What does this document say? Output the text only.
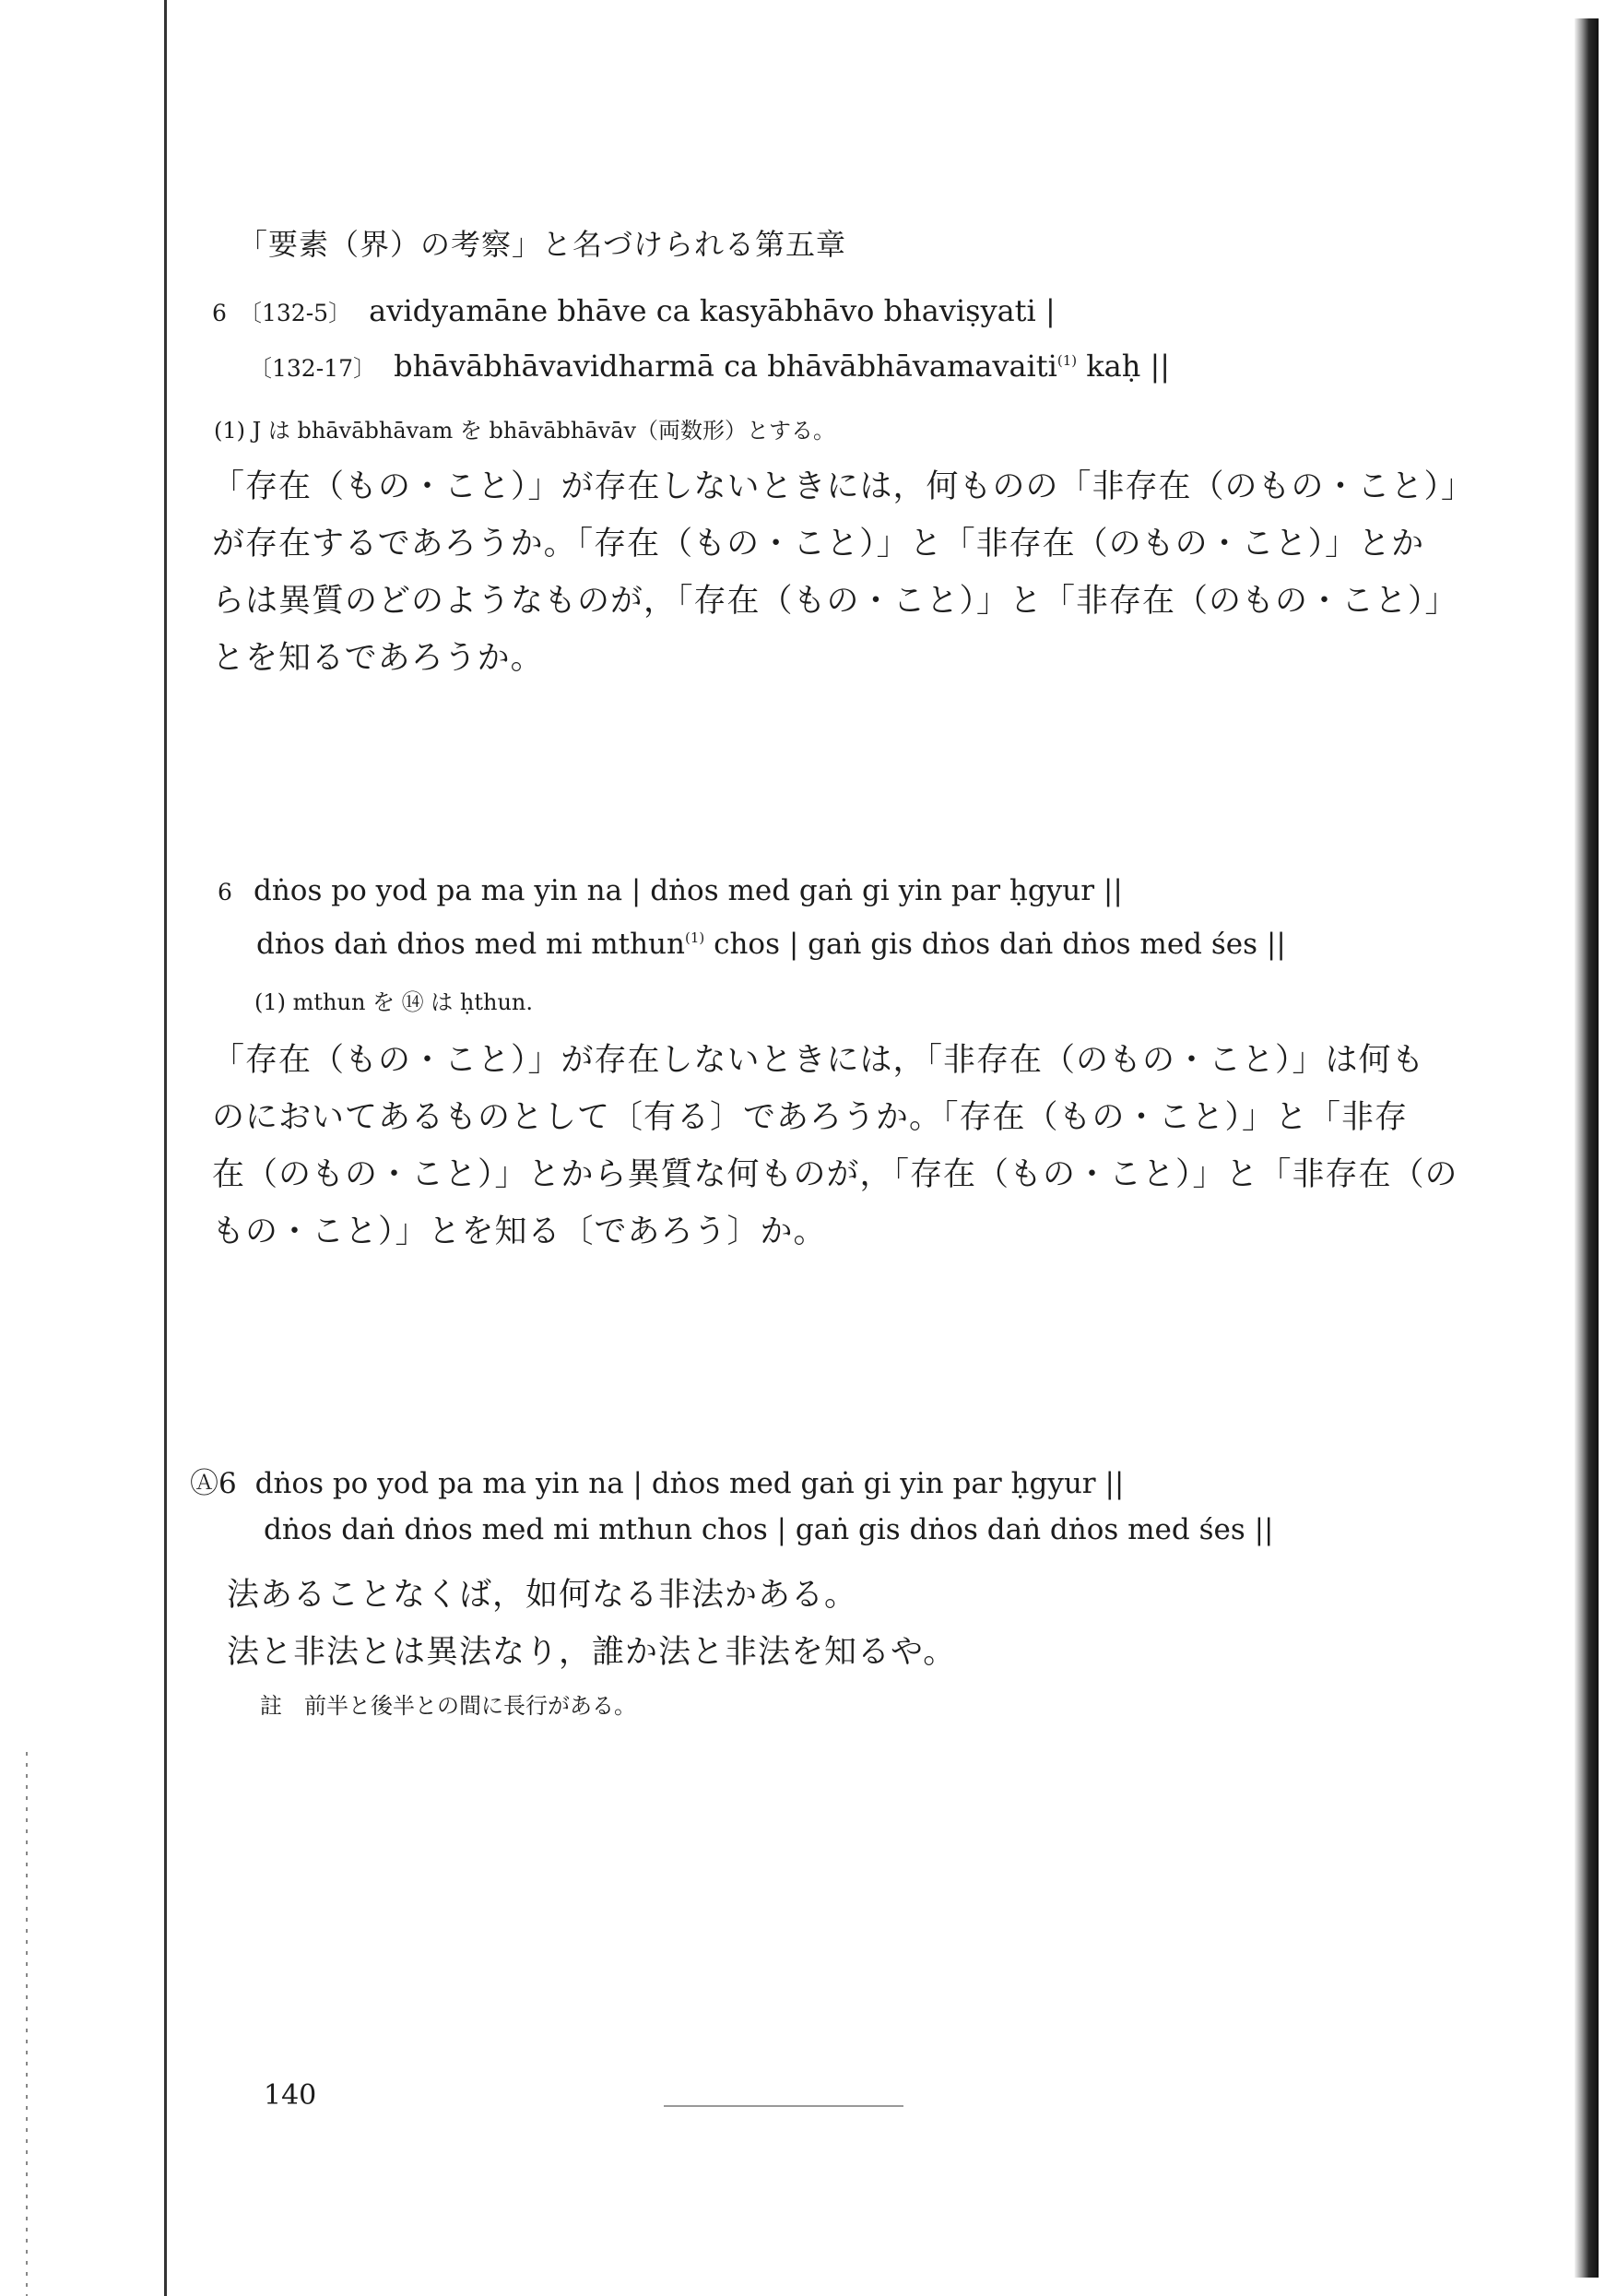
「要素（界）の考察」と名づけられる第五章
6 〔132-5〕 avidyamāne bhāve ca kasyābhāvo bhaviṣyati |
〔132-17〕 bhāvābhāvavidharmā ca bhāvābhāvamavaiti$^{(1)}$ kaḥ ||
(1) J は bhāvābhāvam を bhāvābhāvāv（両数形）とする。
「存在（もの・こと）」が存在しないときには，何ものの「非存在（のもの・こと）」
が存在するであろうか。「存在（もの・こと）」と「非存在（のもの・こと）」とか
らは異質のどのようなものが，「存在（もの・こと）」と「非存在（のもの・こと）」
とを知るであろうか。
6 dṅos po yod pa ma yin na | dṅos med gaṅ gi yin par ḥgyur ||
dṅos daṅ dṅos med mi mthun$^{(1)}$ chos | gaṅ gis dṅos daṅ dṅos med śes ||
(1) mthun を ⑭ は ḥthun.
「存在（もの・こと）」が存在しないときには，「非存在（のもの・こと）」は何も
のにおいてあるものとして〔有る〕であろうか。「存在（もの・こと）」と「非存
在（のもの・こと）」とから異質な何ものが，「存在（もの・こと）」と「非存在（の
もの・こと）」とを知る〔であろう〕か。
Ⓐ6 dṅos po yod pa ma yin na | dṅos med gaṅ gi yin par ḥgyur ||
dṅos daṅ dṅos med mi mthun chos | gaṅ gis dṅos daṅ dṅos med śes ||
法あることなくば，如何なる非法かある。
法と非法とは異法なり，誰か法と非法を知るや。
註　前半と後半との間に長行がある。
140
